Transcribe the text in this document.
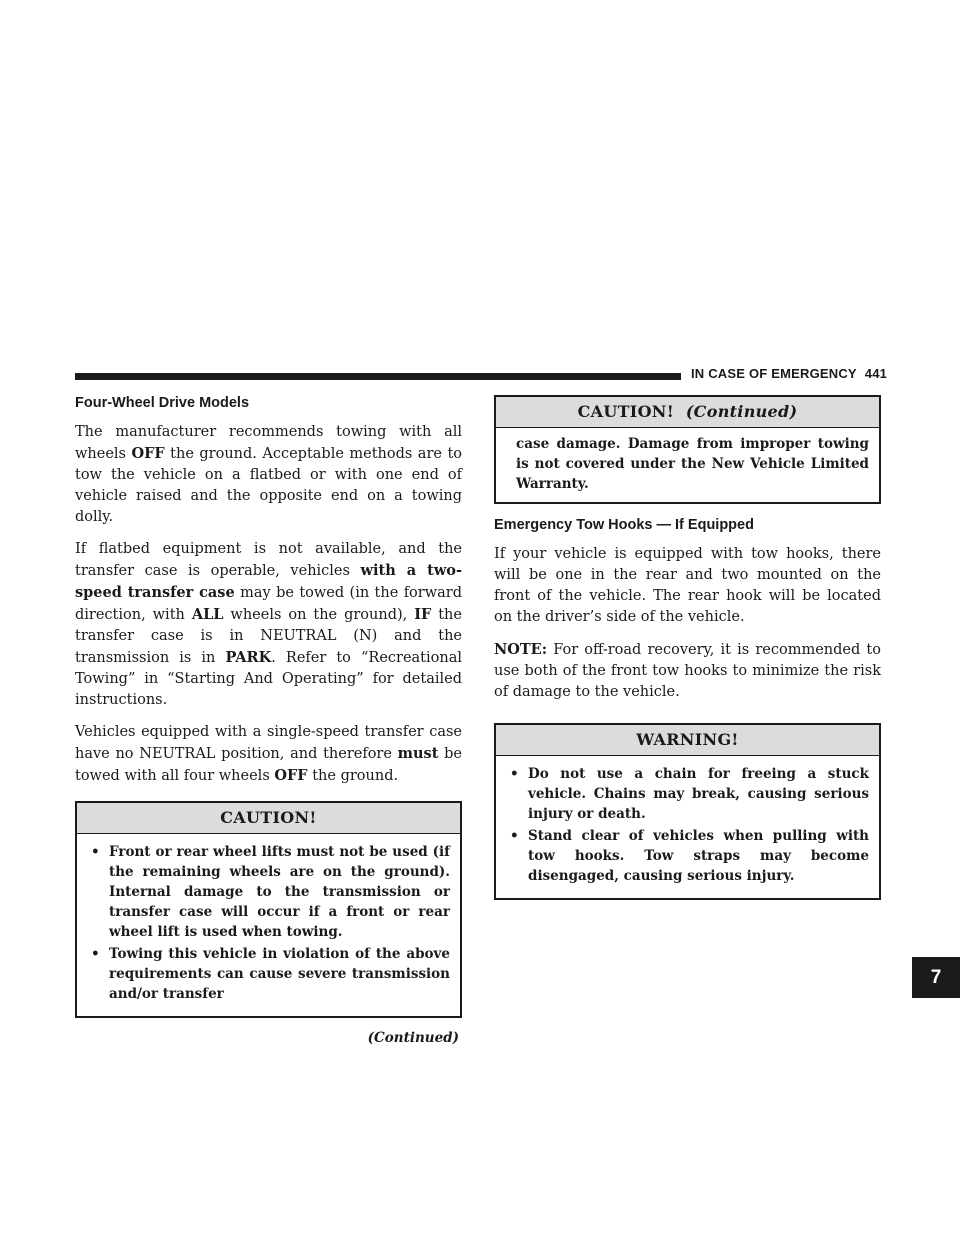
IN CASE OF EMERGENCY 441
7
Four-Wheel Drive Models

The manufacturer recommends towing with all wheels OFF the ground. Acceptable methods are to tow the vehicle on a flatbed or with one end of vehicle raised and the opposite end on a towing dolly.

If flatbed equipment is not available, and the transfer case is operable, vehicles with a two-speed transfer case may be towed (in the forward direction, with ALL wheels on the ground), IF the transfer case is in NEUTRAL (N) and the transmission is in PARK. Refer to “Recreational Towing” in “Starting And Operating” for detailed instructions.

Vehicles equipped with a single-speed transfer case have no NEUTRAL position, and therefore must be towed with all four wheels OFF the ground.

CAUTION!
• Front or rear wheel lifts must not be used (if the remaining wheels are on the ground). Internal damage to the transmission or transfer case will occur if a front or rear wheel lift is used when towing.
• Towing this vehicle in violation of the above requirements can cause severe transmission and/or transfer
(Continued)
CAUTION! (Continued)

case damage. Damage from improper towing is not covered under the New Vehicle Limited Warranty.

Emergency Tow Hooks — If Equipped

If your vehicle is equipped with tow hooks, there will be one in the rear and two mounted on the front of the vehicle. The rear hook will be located on the driver’s side of the vehicle.

NOTE: For off-road recovery, it is recommended to use both of the front tow hooks to minimize the risk of damage to the vehicle.

WARNING!
• Do not use a chain for freeing a stuck vehicle. Chains may break, causing serious injury or death.
• Stand clear of vehicles when pulling with tow hooks. Tow straps may become disengaged, causing serious injury.
